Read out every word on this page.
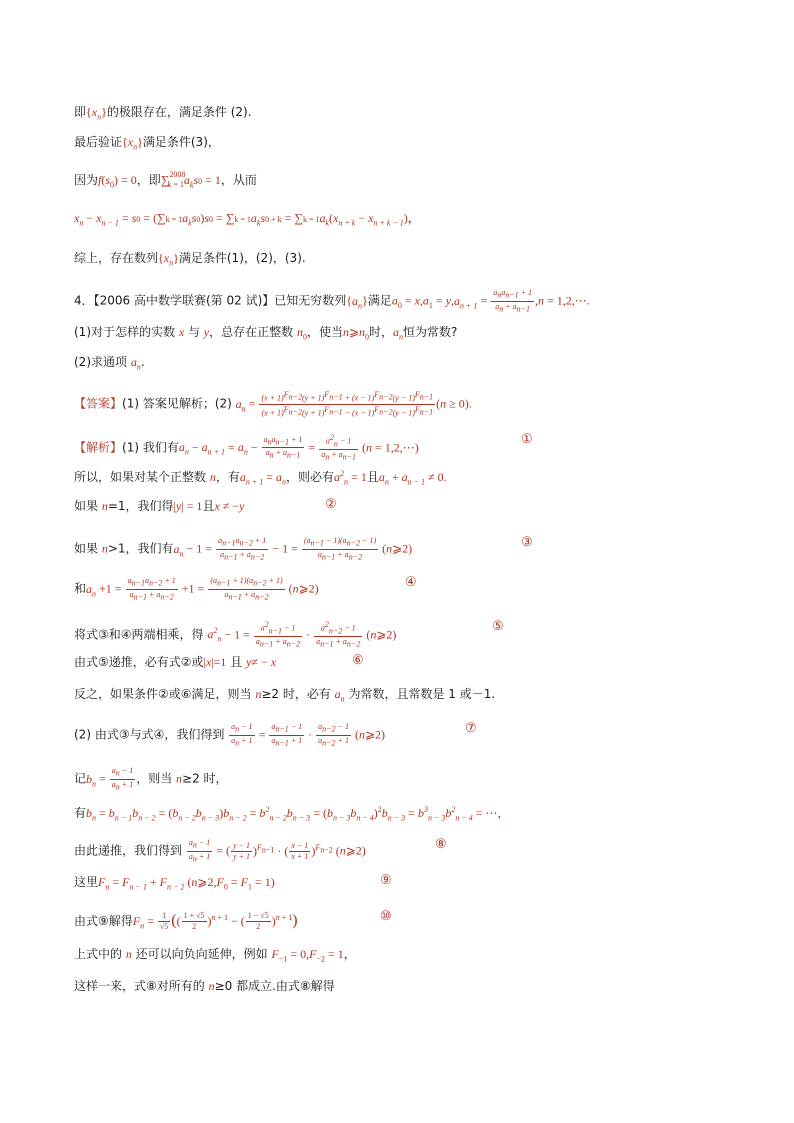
即$\{x_n\}$的极限存在，满足条件 (2).
最后验证$\{x_n\}$满足条件(3)，
因为$f(s_0) = 0$，即$\sum^{2008}_{k = 1}a_ks0 = 1$，从而
$x_n - x_{n - 1} = s0 = (\sum k = 1a_ks0)s0 = \sum k = 1a_ks0 + k = \sum k = 1a_k(x_{n + k} - x_{n + k - 1})$，
综上，存在数列$\{x_n\}$满足条件(1)，(2)，(3).
4．【2006 高中数学联赛(第 02 试)】已知无穷数列$\{a_n\}$满足$a_0 = x,a_1 = y,a_{n + 1} = \frac{a_na_{n-1} + 1}{a_n + a_{n-1}} ,n$ = 1,2,⋯.
(1)对于怎样的实数 x 与 y，总存在正整数 $n_0$，使当$n⩾n_0$时，$a_n$恒为常数?
(2)求通项 $a_n$.
【答案】(1) 答案见解析；(2) $a_n = \frac{(x + 1)^{F_{n-2}}(y + 1)^{F_{n-1}} + (x - 1)^{F_{n-2}}(y - 1)^{F_{n-1}}}{(x + 1)^{F_{n-2}}(y + 1)^{F_{n-1}} - (x - 1)^{F_{n-2}}(y - 1)^{F_{n-1}}} (n \ge 0)$.
【解析】(1) 我们有$a_n - a_{n + 1} = a_n - \frac{a_na_{n-1} + 1}{a_n + a_{n-1}} = \frac{a^2_n - 1}{a_n + a_{n-1}} (n$ = 1,2,⋯)
①
所以，如果对某个正整数 n，有$a_{n + 1} = a_n$，则必有$a^2_n = 1$且$a_n + a_{n - 1} \ne 0$.
如果 n=1，我们得|y| = 1且x ≠ −y	②
如果 n>1，我们有$a_n - 1 = \frac{a_{n-1}a_{n-2} + 1}{a_{n-1} + a_{n-2}} - 1 = \frac{(a_{n-1} - 1)(a_{n-2} - 1)}{a_{n-1} + a_{n-2}}$ (n⩾2)	③
和$a_n +1 = \frac{a_{n-1}a_{n-2} + 1}{a_{n-1} + a_{n-2}} +1 = \frac{(a_{n-1} + 1)(a_{n-2} + 1)}{a_{n-1} + a_{n-2}}$ (n⩾2)	④
将式③和④两端相乘，得 $a^2_n - 1 = \frac{a^2_{n-1} - 1}{a_{n-1} + a_{n-2}} \cdot \frac{a^2_{n-2} - 1}{a_{n-1} + a_{n-2}}$ (n⩾2)
⑤
由式⑤递推，必有式②或|x|=1 且 y≠ − x	⑥
反之，如果条件②或⑥满足，则当 n≥2 时，必有 $a_n$ 为常数，且常数是 1 或－1.
(2) 由式③与式④，我们得到 $\frac{a_n - 1}{a_n + 1} = \frac{a_{n-1} - 1}{a_{n-1} + 1} \cdot \frac{a_{n-2} - 1}{a_{n-2} + 1}$ (n⩾2)	⑦
记$b_n = \frac{a_n - 1}{a_n + 1}$ ，则当 n≥2 时，
有$b_n = b_{n - 1}b_{n - 2} = (b_{n - 2}b_{n - 3})b_{n - 2} = b^2_{n - 2}b_{n - 3} = (b_{n - 3}b_{n - 4})^2b_{n - 3} = b^3_{n - 3}b^2_{n - 4}$ = ⋯，
由此递推，我们得到 $\frac{a_n - 1}{a_n + 1}$ = ( $\frac{y - 1}{y + 1} )^{F_{n-1}}$ · ( $\frac{x - 1}{x + 1} )^{F_{n-2}}$ (n⩾2)	⑧
这里$F_n = F_{n - 1} + F_{n - 2}$ $(n⩾2,F_0 = F_1 = 1)$	⑨
由式⑨解得$F_n = \frac{1}{√5}$ (( $\frac{1 + √5}{2} )^{n + 1}$ − ( $\frac{1 - √5}{2} )^{n + 1}$)	⑩
上式中的 n 还可以向负向延伸，例如 $F_{-1} = 0,F_{-2} = 1$，
这样一来，式⑧对所有的 n≥0 都成立.由式⑧解得
